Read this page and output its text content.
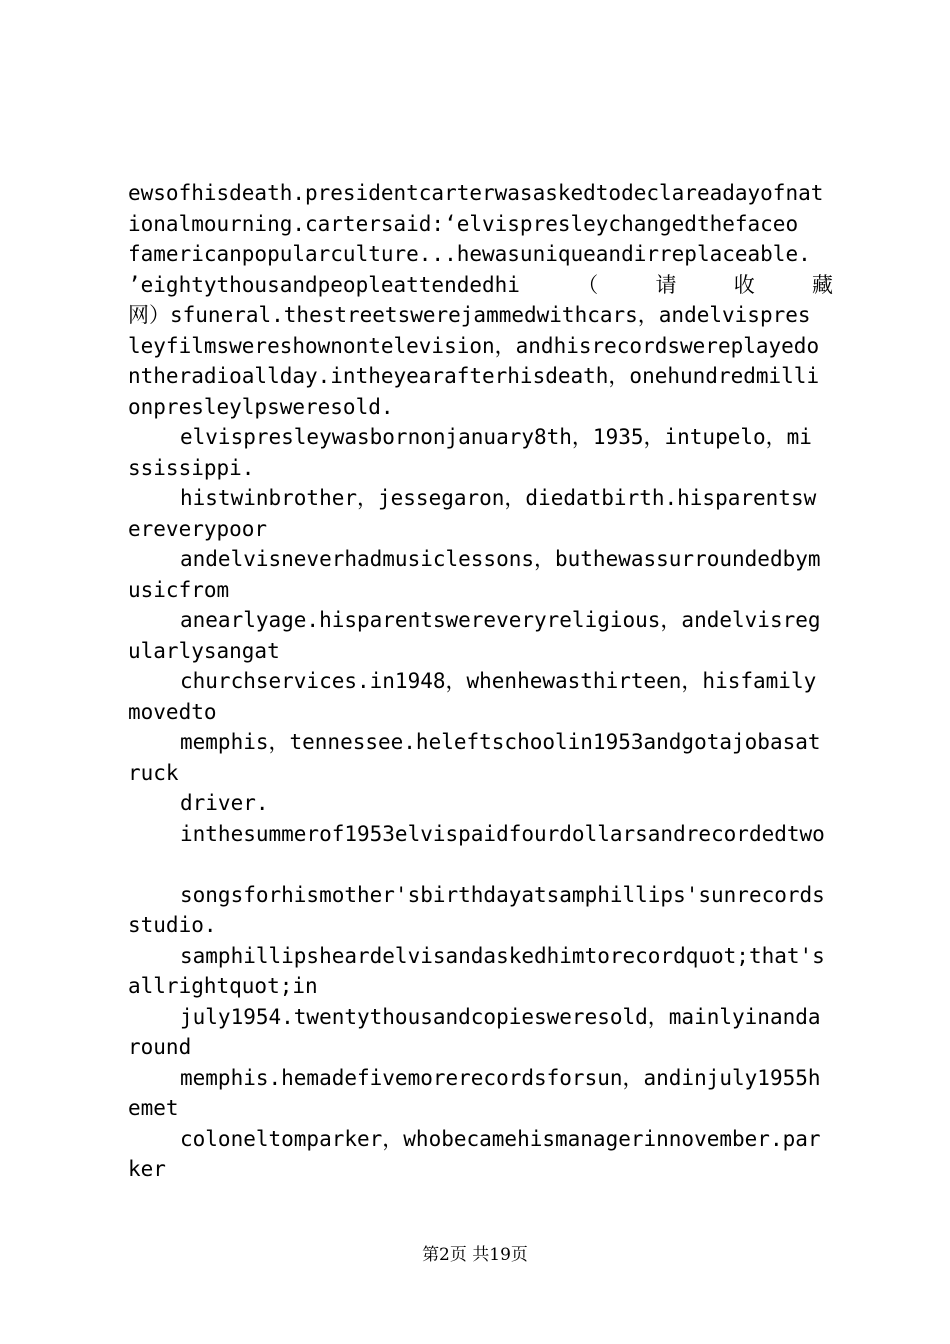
ewsofhisdeath.presidentcarterwasaskedtodeclareadayofnat
ionalmourning.cartersaid:‘elvispresleychangedthefaceo
famericanpopularculture...hewasuniqueandirreplaceable.
’eightythousandpeopleattendedhi	（	请	收	藏
网）sfuneral.thestreetswerejammedwithcars，andelvispres
leyfilmswereshownontelevision，andhisrecordswereplayedo
ntheradioallday.intheyearafterhisdeath，onehundredmilli
onpresleylpsweresold.
elvispresleywasbornonjanuary8th，1935，intupelo，mi
ssissippi.
histwinbrother，jessegaron，diedatbirth.hisparentsw
ereverypoor
andelvisneverhadmusiclessons，buthewassurroundedbym
usicfrom
anearlyage.hisparentswereveryreligious，andelvisreg
ularlysangat
churchservices.in1948，whenhewasthirteen，hisfamily
movedto
memphis，tennessee.heleftschoolin1953andgotajobasat
ruck
driver.
inthesummerof1953elvispaidfourdollarsandrecordedtwo
songsforhismother'sbirthdayatsamphillips'sunrecords
studio.
samphillipsheardelvisandaskedhimtorecordquot;that's
allrightquot;in
july1954.twentythousandcopiesweresold，mainlyinanda
round
memphis.hemadefivemorerecordsforsun，andinjuly1955h
emet
coloneltomparker，whobecamehismanagerinnovember.par
ker
第2页 共19页
